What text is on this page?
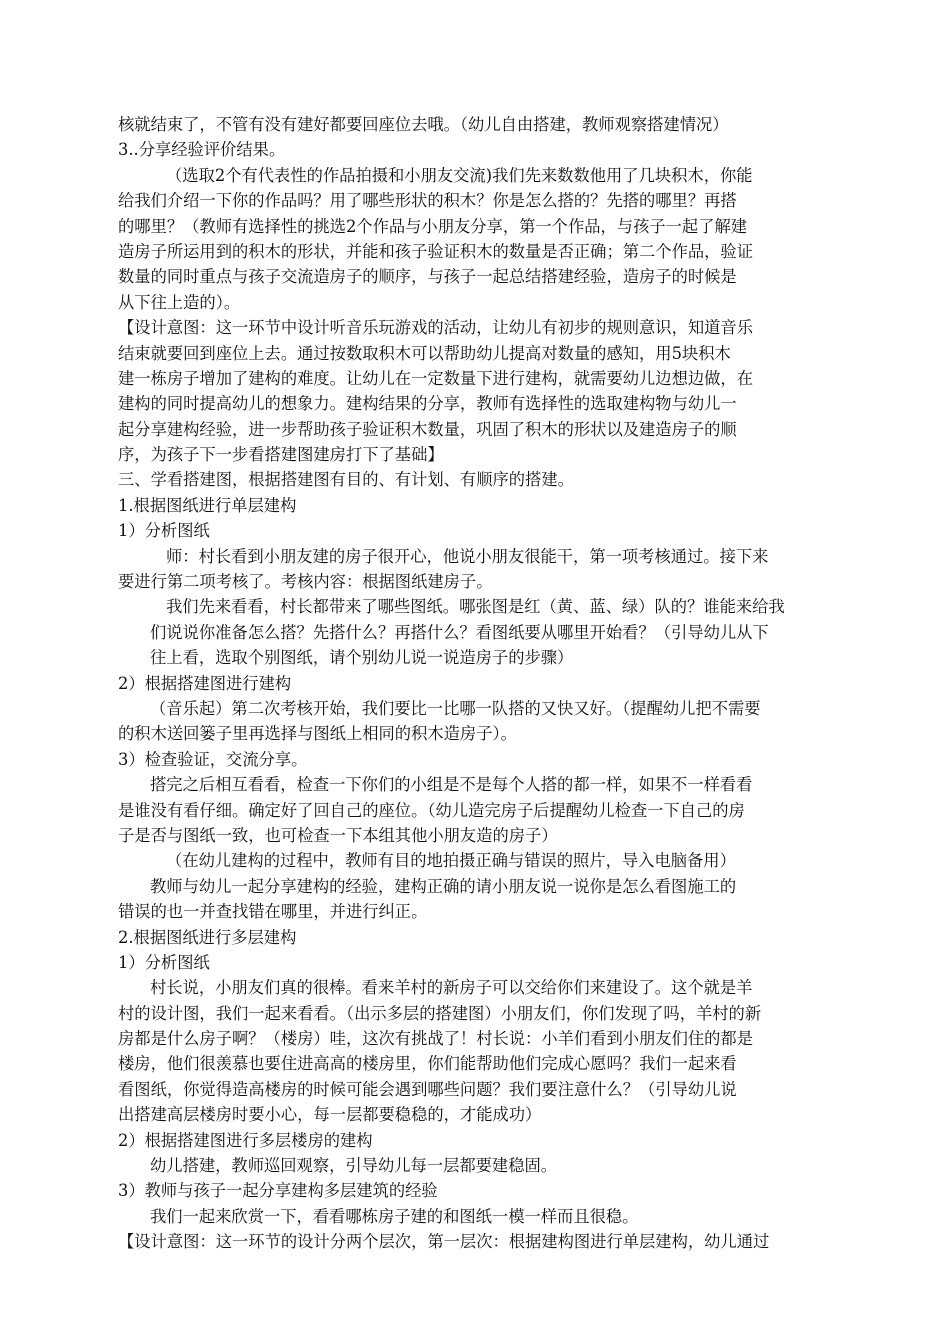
核就结束了，不管有没有建好都要回座位去哦。（幼儿自由搭建，教师观察搭建情况）
3..分享经验评价结果。
（选取2个有代表性的作品拍摄和小朋友交流)我们先来数数他用了几块积木，你能
给我们介绍一下你的作品吗？用了哪些形状的积木？你是怎么搭的？先搭的哪里？再搭
的哪里？（教师有选择性的挑选2个作品与小朋友分享，第一个作品，与孩子一起了解建
造房子所运用到的积木的形状，并能和孩子验证积木的数量是否正确；第二个作品，验证
数量的同时重点与孩子交流造房子的顺序，与孩子一起总结搭建经验，造房子的时候是
从下往上造的）。
【设计意图：这一环节中设计听音乐玩游戏的活动，让幼儿有初步的规则意识，知道音乐
结束就要回到座位上去。通过按数取积木可以帮助幼儿提高对数量的感知，用5块积木
建一栋房子增加了建构的难度。让幼儿在一定数量下进行建构，就需要幼儿边想边做，在
建构的同时提高幼儿的想象力。建构结果的分享，教师有选择性的选取建构物与幼儿一
起分享建构经验，进一步帮助孩子验证积木数量，巩固了积木的形状以及建造房子的顺
序，为孩子下一步看搭建图建房打下了基础】
三、学看搭建图，根据搭建图有目的、有计划、有顺序的搭建。
1.根据图纸进行单层建构
1）分析图纸
师：村长看到小朋友建的房子很开心，他说小朋友很能干，第一项考核通过。接下来
要进行第二项考核了。考核内容：根据图纸建房子。
我们先来看看，村长都带来了哪些图纸。哪张图是红（黄、蓝、绿）队的？谁能来给我
们说说你准备怎么搭？先搭什么？再搭什么？看图纸要从哪里开始看？（引导幼儿从下
往上看，选取个别图纸，请个别幼儿说一说造房子的步骤）
2）根据搭建图进行建构
（音乐起）第二次考核开始，我们要比一比哪一队搭的又快又好。（提醒幼儿把不需要
的积木送回篓子里再选择与图纸上相同的积木造房子）。
3）检查验证，交流分享。
搭完之后相互看看，检查一下你们的小组是不是每个人搭的都一样，如果不一样看看
是谁没有看仔细。确定好了回自己的座位。（幼儿造完房子后提醒幼儿检查一下自己的房
子是否与图纸一致，也可检查一下本组其他小朋友造的房子）
（在幼儿建构的过程中，教师有目的地拍摄正确与错误的照片，导入电脑备用）
教师与幼儿一起分享建构的经验，建构正确的请小朋友说一说你是怎么看图施工的
错误的也一并查找错在哪里，并进行纠正。
2.根据图纸进行多层建构
1）分析图纸
村长说，小朋友们真的很棒。看来羊村的新房子可以交给你们来建设了。这个就是羊
村的设计图，我们一起来看看。（出示多层的搭建图）小朋友们，你们发现了吗，羊村的新
房都是什么房子啊？（楼房）哇，这次有挑战了！村长说：小羊们看到小朋友们住的都是
楼房，他们很羡慕也要住进高高的楼房里，你们能帮助他们完成心愿吗？我们一起来看
看图纸，你觉得造高楼房的时候可能会遇到哪些问题？我们要注意什么？（引导幼儿说
出搭建高层楼房时要小心，每一层都要稳稳的，才能成功）
2）根据搭建图进行多层楼房的建构
幼儿搭建，教师巡回观察，引导幼儿每一层都要建稳固。
3）教师与孩子一起分享建构多层建筑的经验
我们一起来欣赏一下，看看哪栋房子建的和图纸一模一样而且很稳。
【设计意图：这一环节的设计分两个层次，第一层次：根据建构图进行单层建构，幼儿通过
